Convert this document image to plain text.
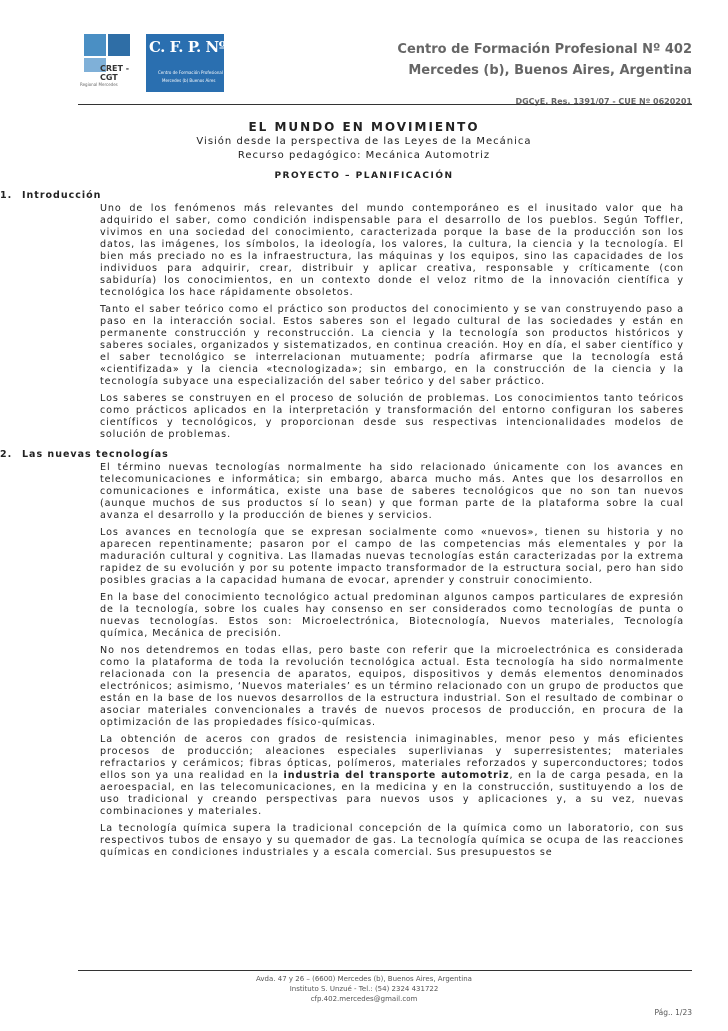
CRET - CGT
Regional Mercedes
C. F. P. Nº 402
Centro de Formación Profesional
Mercedes (b) Buenos Aires
Centro de Formación Profesional Nº 402
Mercedes (b), Buenos Aires, Argentina
DGCyE. Res. 1391/07 - CUE Nº 0620201
EL MUNDO EN MOVIMIENTO
Visión desde la perspectiva de las Leyes de la Mecánica
Recurso pedagógico: Mecánica Automotriz
PROYECTO – PLANIFICACIÓN
1. Introducción

Uno de los fenómenos más relevantes del mundo contemporáneo es el inusitado valor que ha adquirido el saber, como condición indispensable para el desarrollo de los pueblos. Según Toffler, vivimos en una sociedad del conocimiento, caracterizada porque la base de la producción son los datos, las imágenes, los símbolos, la ideología, los valores, la cultura, la ciencia y la tecnología. El bien más preciado no es la infraestructura, las máquinas y los equipos, sino las capacidades de los individuos para adquirir, crear, distribuir y aplicar creativa, responsable y críticamente (con sabiduría) los conocimientos, en un contexto donde el veloz ritmo de la innovación científica y tecnológica los hace rápidamente obsoletos.

Tanto el saber teórico como el práctico son productos del conocimiento y se van construyendo paso a paso en la interacción social. Estos saberes son el legado cultural de las sociedades y están en permanente construcción y reconstrucción. La ciencia y la tecnología son productos históricos y saberes sociales, organizados y sistematizados, en continua creación. Hoy en día, el saber científico y el saber tecnológico se interrelacionan mutuamente; podría afirmarse que la tecnología está «cientifizada» y la ciencia «tecnologizada»; sin embargo, en la construcción de la ciencia y la tecnología subyace una especialización del saber teórico y del saber práctico.

Los saberes se construyen en el proceso de solución de problemas. Los conocimientos tanto teóricos como prácticos aplicados en la interpretación y transformación del entorno configuran los saberes científicos y tecnológicos, y proporcionan desde sus respectivas intencionalidades modelos de solución de problemas.

2. Las nuevas tecnologías

El término nuevas tecnologías normalmente ha sido relacionado únicamente con los avances en telecomunicaciones e informática; sin embargo, abarca mucho más. Antes que los desarrollos en comunicaciones e informática, existe una base de saberes tecnológicos que no son tan nuevos (aunque muchos de sus productos sí lo sean) y que forman parte de la plataforma sobre la cual avanza el desarrollo y la producción de bienes y servicios.

Los avances en tecnología que se expresan socialmente como «nuevos», tienen su historia y no aparecen repentinamente; pasaron por el campo de las competencias más elementales y por la maduración cultural y cognitiva. Las llamadas nuevas tecnologías están caracterizadas por la extrema rapidez de su evolución y por su potente impacto transformador de la estructura social, pero han sido posibles gracias a la capacidad humana de evocar, aprender y construir conocimiento.

En la base del conocimiento tecnológico actual predominan algunos campos particulares de expresión de la tecnología, sobre los cuales hay consenso en ser considerados como tecnologías de punta o nuevas tecnologías. Estos son: Microelectrónica, Biotecnología, Nuevos materiales, Tecnología química, Mecánica de precisión.

No nos detendremos en todas ellas, pero baste con referir que la microelectrónica es considerada como la plataforma de toda la revolución tecnológica actual. Esta tecnología ha sido normalmente relacionada con la presencia de aparatos, equipos, dispositivos y demás elementos denominados electrónicos; asimismo, ‘Nuevos materiales’ es un término relacionado con un grupo de productos que están en la base de los nuevos desarrollos de la estructura industrial. Son el resultado de combinar o asociar materiales convencionales a través de nuevos procesos de producción, en procura de la optimización de las propiedades físico-químicas.

La obtención de aceros con grados de resistencia inimaginables, menor peso y más eficientes procesos de producción; aleaciones especiales superlivianas y superresistentes; materiales refractarios y cerámicos; fibras ópticas, polímeros, materiales reforzados y superconductores; todos ellos son ya una realidad en la industria del transporte automotriz, en la de carga pesada, en la aeroespacial, en las telecomunicaciones, en la medicina y en la construcción, sustituyendo a los de uso tradicional y creando perspectivas para nuevos usos y aplicaciones y, a su vez, nuevas combinaciones y materiales.

La tecnología química supera la tradicional concepción de la química como un laboratorio, con sus respectivos tubos de ensayo y su quemador de gas. La tecnología química se ocupa de las reacciones químicas en condiciones industriales y a escala comercial. Sus presupuestos se

Avda. 47 y 26 – (6600) Mercedes (b), Buenos Aires, Argentina
Instituto S. Unzué - Tel.: (54) 2324 431722
cfp.402.mercedes@gmail.com
Pág.. 1/23
